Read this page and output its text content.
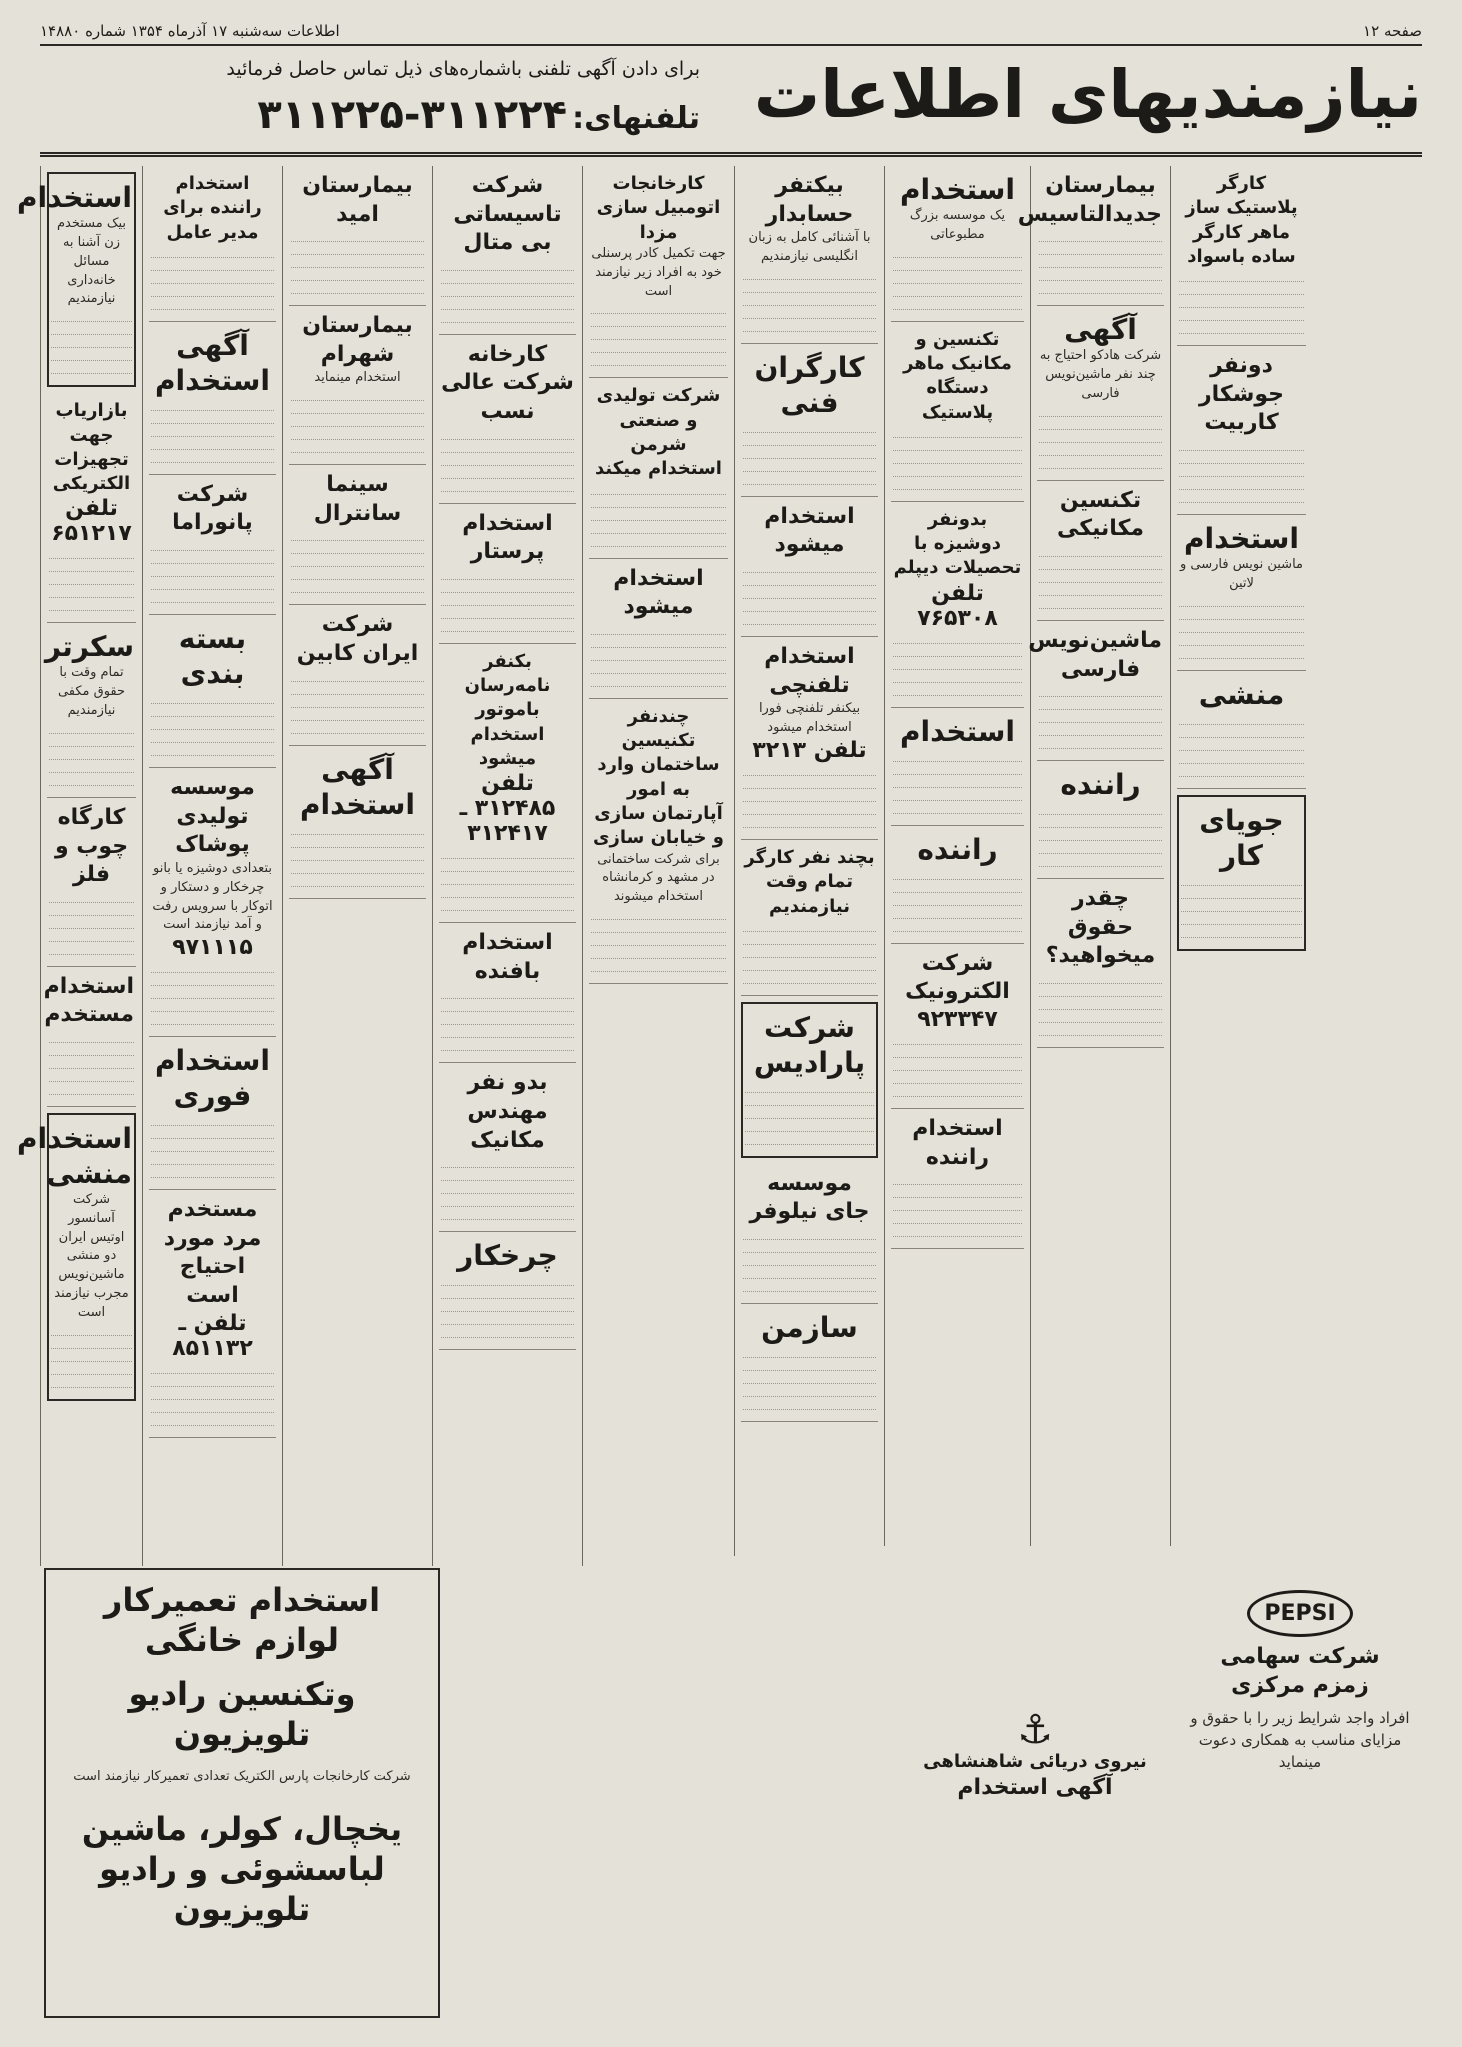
صفحه ۱۲
اطلاعات سه‌شنبه ۱۷ آذرماه ۱۳۵۴ شماره ۱۴۸۸۰
نیازمندیهای اطلاعات
برای دادن آگهی تلفنی باشماره‌های ذیل تماس حاصل فرمائید
تلفنهای: ۳۱۱۲۲۵-۳۱۱۲۲۴
استخدام
بیک مستخدم زن آشنا به مسائل خانه‌داری نیازمندیم
بازاریاب جهت تجهیزات الکتریکی
تلفن ۶۵۱۲۱۷
سکرتر
تمام وقت با حقوق مکفی نیازمندیم
کارگاه چوب و فلز
استخدام مستخدم
استخدام منشی
شرکت آسانسور اوتیس ایران دو منشی ماشین‌نویس مجرب نیازمند است
استخدام راننده برای مدیر عامل
آگهی استخدام
شرکت پانوراما
بسته بندی
موسسه تولیدی پوشاک
بتعدادی دوشیزه یا بانو چرخکار و دستکار و اتوکار با سرویس رفت و آمد نیازمند است
۹۷۱۱۱۵
استخدام فوری
مستخدم مرد مورد احتیاج است
تلفن ـ ۸۵۱۱۳۲
بیمارستان امید
بیمارستان شهرام
استخدام مینماید
سینما سانترال
شرکت ایران کابین
آگهی استخدام
شرکت تاسیساتی بی متال
کارخانه شرکت عالی نسب
استخدام پرستار
بکنفر نامه‌رسان باموتور استخدام میشود
تلفن ۳۱۲۴۸۵ ـ ۳۱۲۴۱۷
استخدام بافنده
بدو نفر مهندس مکانیک
چرخکار
کارخانجات اتومبیل سازی مزدا
جهت تکمیل کادر پرسنلی خود به افراد زیر نیازمند است
شرکت تولیدی و صنعتی شرمن استخدام میکند
استخدام میشود
چندنفر تکنیسین ساختمان وارد به امور آپارتمان سازی و خیابان سازی
برای شرکت ساختمانی در مشهد و کرمانشاه استخدام میشوند
بیکتفر حسابدار
با آشنائی کامل به زبان انگلیسی نیازمندیم
کارگران فنی
استخدام میشود
استخدام تلفنچی
بیکنفر تلفنچی فورا استخدام میشود
تلفن ۳۲۱۳
بچند نفر کارگر تمام وقت نیازمندیم
شرکت پارادیس
موسسه جای نیلوفر
سازمن
استخدام
یک موسسه بزرگ مطبوعاتی
تکنسین و مکانیک ماهر دستگاه پلاستیک
بدونفر دوشیزه با تحصیلات دیپلم
تلفن ۷۶۵۳۰۸
استخدام
راننده
شرکت الکترونیک
۹۲۳۳۴۷
استخدام راننده
بیمارستان جدیدالتاسیس
آگهی
شرکت هادکو احتیاج به چند نفر ماشین‌نویس فارسی
تکنسین مکانیکی
ماشین‌نویس فارسی
راننده
چقدر حقوق میخواهید؟
کارگر پلاستیک ساز ماهر کارگر ساده باسواد
دونفر جوشکار کاربیت
استخدام
ماشین نویس فارسی و لاتین
منشی
جویای کار
استخدام تعمیرکار لوازم خانگی
وتکنسین رادیو تلویزیون
شرکت کارخانجات پارس الکتریک تعدادی تعمیرکار نیازمند است
یخچال، کولر، ماشین لباسشوئی و رادیو تلویزیون
PEPSI
شرکت سهامی زمزم مرکزی
افراد واجد شرایط زیر را با حقوق و مزایای مناسب به همکاری دعوت مینماید
⚓
نیروی دریائی شاهنشاهی
آگهی استخدام
